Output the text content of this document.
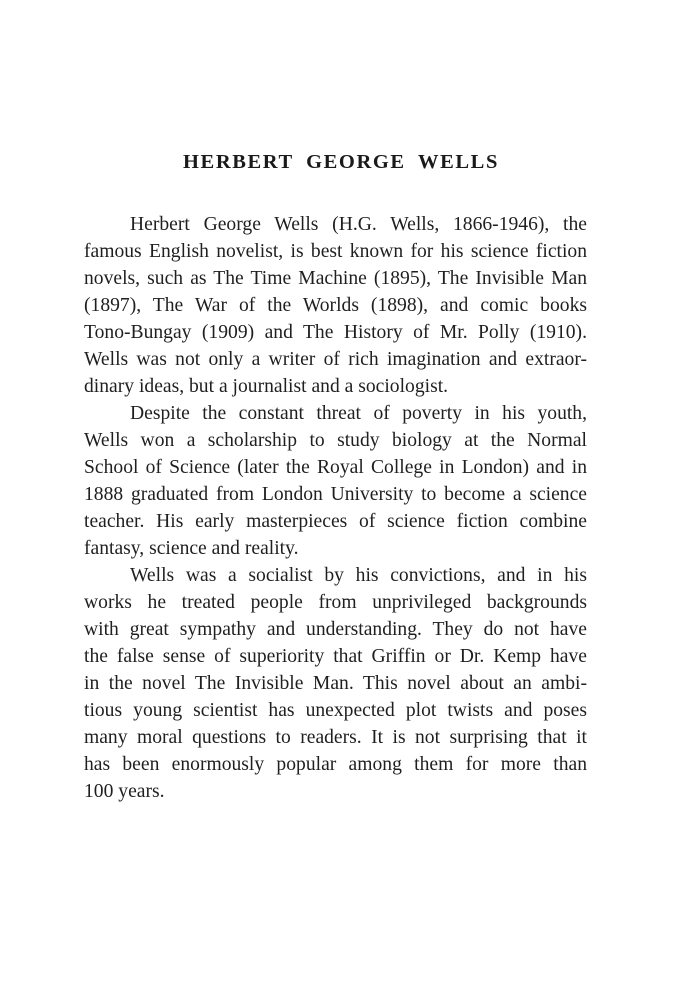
HERBERT GEORGE WELLS
Herbert George Wells (H.G. Wells, 1866-1946), the
famous English novelist, is best known for his science fiction
novels, such as The Time Machine (1895), The Invisible Man
(1897), The War of the Worlds (1898), and comic books
Tono-Bungay (1909) and The History of Mr. Polly (1910).
Wells was not only a writer of rich imagination and extraor-
dinary ideas, but a journalist and a sociologist.
Despite the constant threat of poverty in his youth,
Wells won a scholarship to study biology at the Normal
School of Science (later the Royal College in London) and in
1888 graduated from London University to become a science
teacher. His early masterpieces of science fiction combine
fantasy, science and reality.
Wells was a socialist by his convictions, and in his
works he treated people from unprivileged backgrounds
with great sympathy and understanding. They do not have
the false sense of superiority that Griffin or Dr. Kemp have
in the novel The Invisible Man. This novel about an ambi-
tious young scientist has unexpected plot twists and poses
many moral questions to readers. It is not surprising that it
has been enormously popular among them for more than
100 years.
